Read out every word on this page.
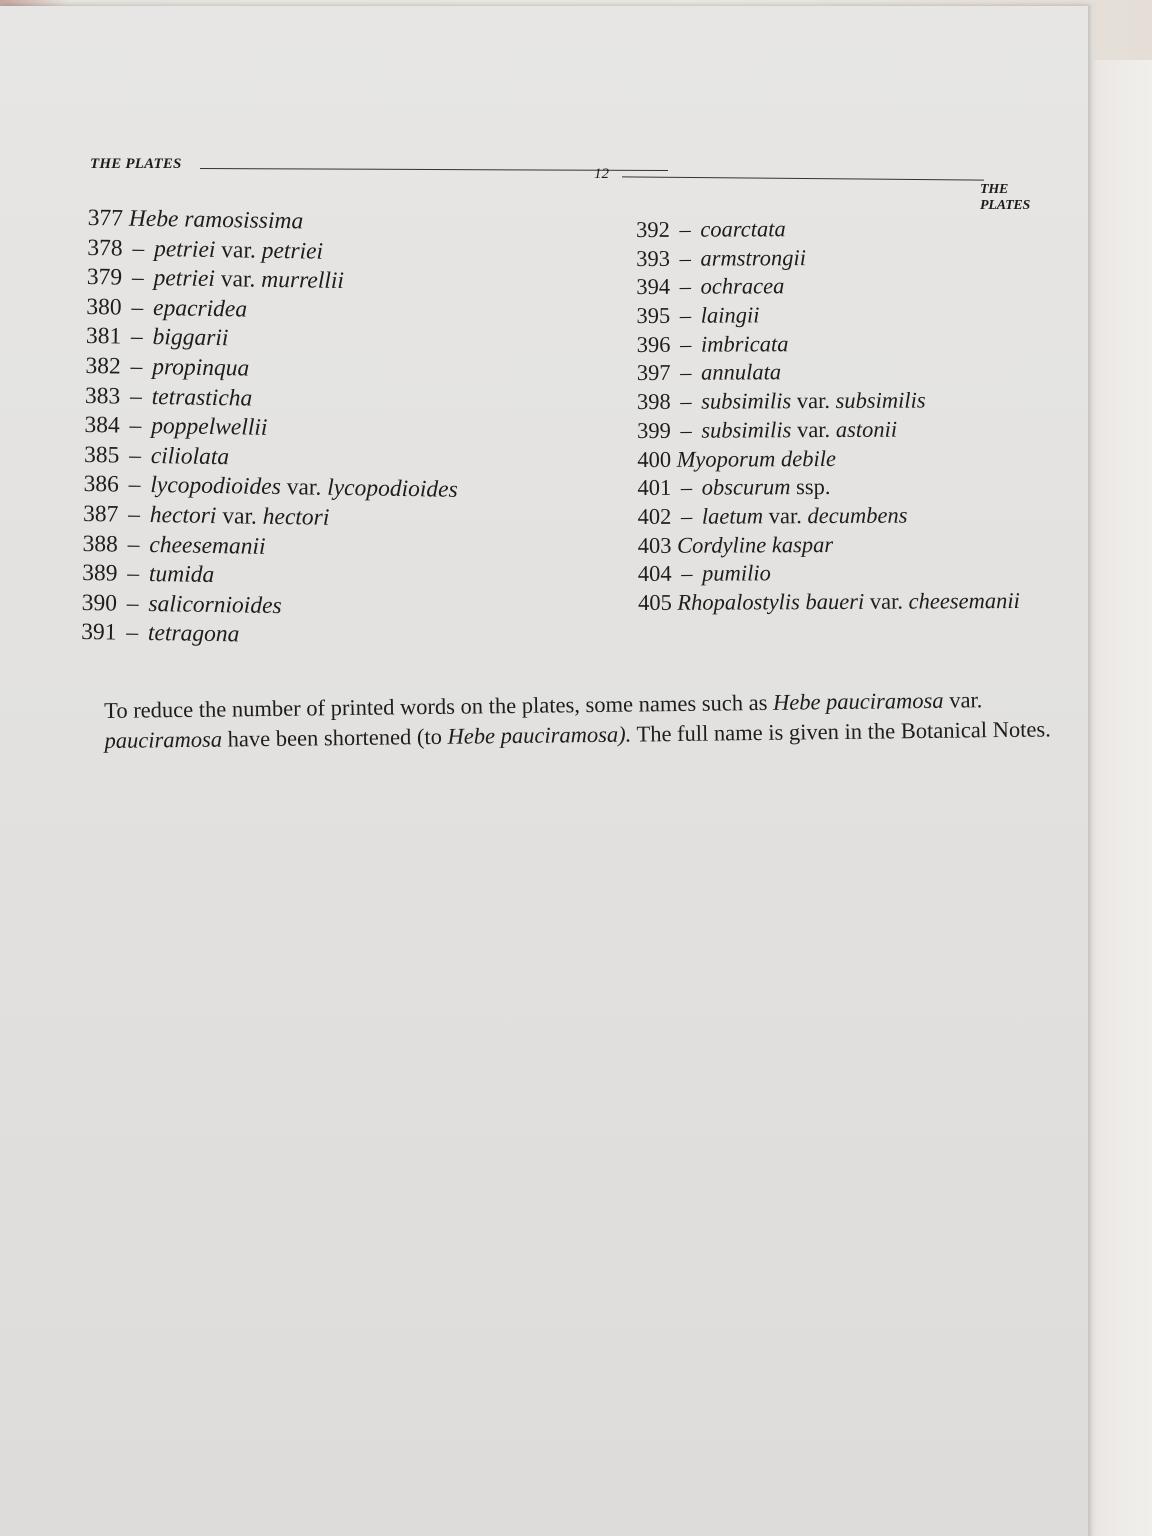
THE PLATES
12
THE PLATES
377 Hebe ramosissima
378 – petriei var. petriei
379 – petriei var. murrellii
380 – epacridea
381 – biggarii
382 – propinqua
383 – tetrasticha
384 – poppelwellii
385 – ciliolata
386 – lycopodioides var. lycopodioides
387 – hectori var. hectori
388 – cheesemanii
389 – tumida
390 – salicornioides
391 – tetragona
392 – coarctata
393 – armstrongii
394 – ochracea
395 – laingii
396 – imbricata
397 – annulata
398 – subsimilis var. subsimilis
399 – subsimilis var. astonii
400 Myoporum debile
401 – obscurum ssp.
402 – laetum var. decumbens
403 Cordyline kaspar
404 – pumilio
405 Rhopalostylis baueri var. cheesemanii
To reduce the number of printed words on the plates, some names such as Hebe pauciramosa var. pauciramosa have been shortened (to Hebe pauciramosa). The full name is given in the Botanical Notes.
